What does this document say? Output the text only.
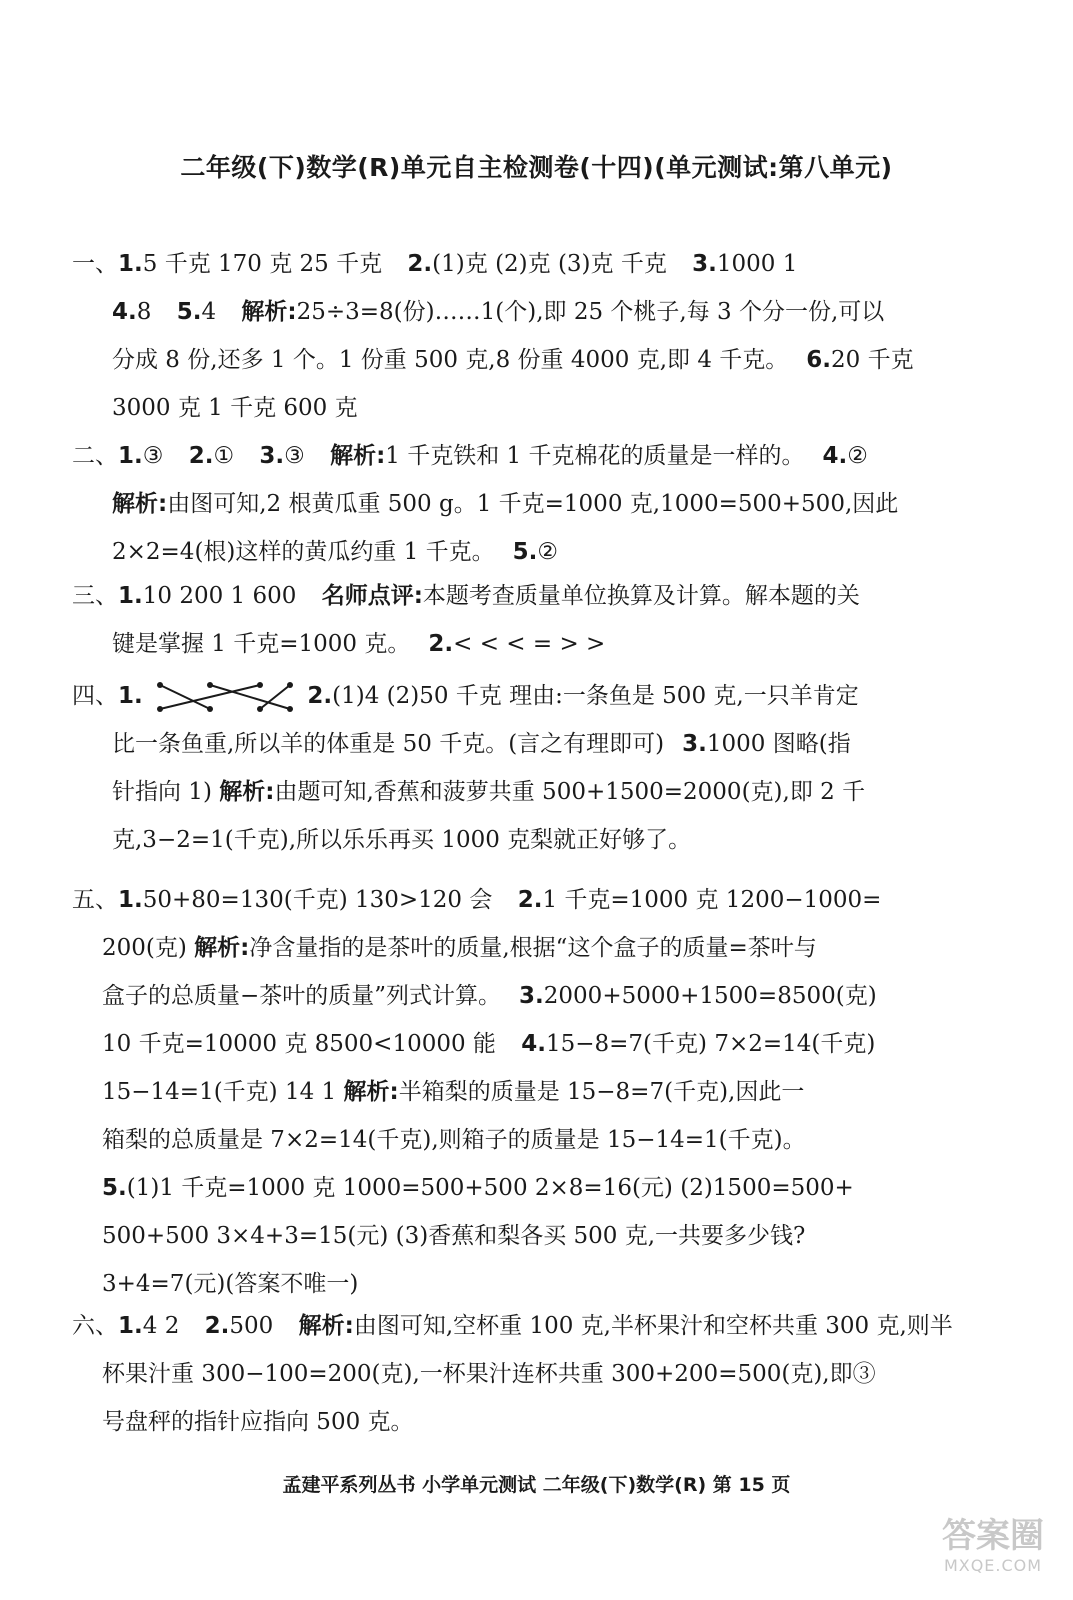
二年级(下)数学(R)单元自主检测卷(十四)(单元测试:第八单元)
一、1.5 千克 170 克 25 千克 2.(1)克 (2)克 (3)克 千克 3.1000 1
4.8 5.4 解析:25÷3=8(份)……1(个),即 25 个桃子,每 3 个分一份,可以
分成 8 份,还多 1 个。1 份重 500 克,8 份重 4000 克,即 4 千克。 6.20 千克
3000 克 1 千克 600 克
二、1.③ 2.① 3.③ 解析:1 千克铁和 1 千克棉花的质量是一样的。 4.②
解析:由图可知,2 根黄瓜重 500 g。1 千克=1000 克,1000=500+500,因此
2×2=4(根)这样的黄瓜约重 1 千克。 5.②
三、1.10 200 1 600 名师点评:本题考查质量单位换算及计算。解本题的关
键是掌握 1 千克=1000 克。 2.< < < = > >
四、1.	2.(1)4 (2)50 千克 理由:一条鱼是 500 克,一只羊肯定
比一条鱼重,所以羊的体重是 50 千克。(言之有理即可) 3.1000 图略(指
针指向 1) 解析:由题可知,香蕉和菠萝共重 500+1500=2000(克),即 2 千
克,3−2=1(千克),所以乐乐再买 1000 克梨就正好够了。
五、1.50+80=130(千克) 130>120 会 2.1 千克=1000 克 1200−1000=
200(克) 解析:净含量指的是茶叶的质量,根据“这个盒子的质量=茶叶与
盒子的总质量−茶叶的质量”列式计算。 3.2000+5000+1500=8500(克)
10 千克=10000 克 8500<10000 能 4.15−8=7(千克) 7×2=14(千克)
15−14=1(千克) 14 1 解析:半箱梨的质量是 15−8=7(千克),因此一
箱梨的总质量是 7×2=14(千克),则箱子的质量是 15−14=1(千克)。
5.(1)1 千克=1000 克 1000=500+500 2×8=16(元) (2)1500=500+
500+500 3×4+3=15(元) (3)香蕉和梨各买 500 克,一共要多少钱?
3+4=7(元)(答案不唯一)
六、1.4 2 2.500 解析:由图可知,空杯重 100 克,半杯果汁和空杯共重 300 克,则半
杯果汁重 300−100=200(克),一杯果汁连杯共重 300+200=500(克),即③
号盘秤的指针应指向 500 克。
孟建平系列丛书 小学单元测试 二年级(下)数学(R) 第 15 页
答案圈
MXQE.COM
